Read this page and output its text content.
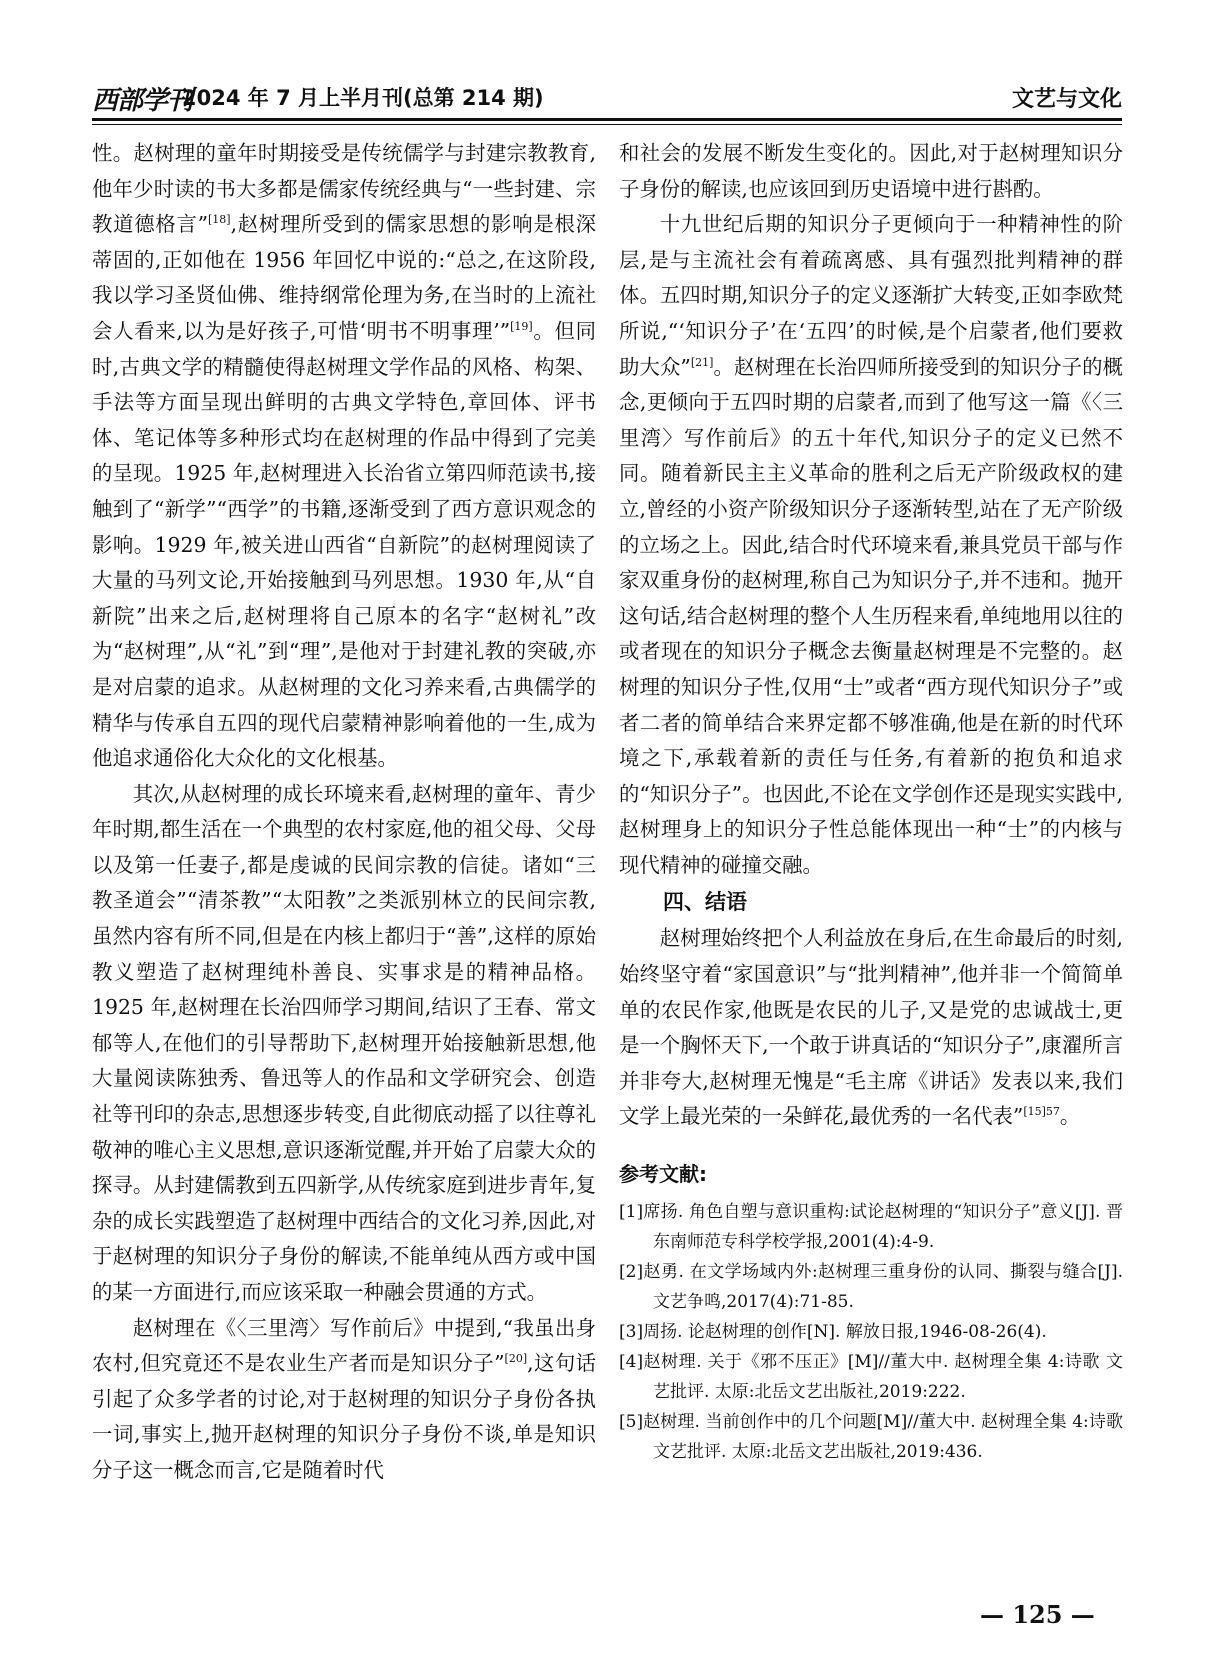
西部学刊
2024 年 7 月上半月刊(总第 214 期)	文艺与文化

性。赵树理的童年时期接受是传统儒学与封建宗教教育,他年少时读的书大多都是儒家传统经典与“一些封建、宗教道德格言”[18],赵树理所受到的儒家思想的影响是根深蒂固的,正如他在 1956 年回忆中说的:“总之,在这阶段,我以学习圣贤仙佛、维持纲常伦理为务,在当时的上流社会人看来,以为是好孩子,可惜‘明书不明事理’”[19]。但同时,古典文学的精髓使得赵树理文学作品的风格、构架、手法等方面呈现出鲜明的古典文学特色,章回体、评书体、笔记体等多种形式均在赵树理的作品中得到了完美的呈现。1925 年,赵树理进入长治省立第四师范读书,接触到了“新学”“西学”的书籍,逐渐受到了西方意识观念的影响。1929 年,被关进山西省“自新院”的赵树理阅读了大量的马列文论,开始接触到马列思想。1930 年,从“自新院”出来之后,赵树理将自己原本的名字“赵树礼”改为“赵树理”,从“礼”到“理”,是他对于封建礼教的突破,亦是对启蒙的追求。从赵树理的文化习养来看,古典儒学的精华与传承自五四的现代启蒙精神影响着他的一生,成为他追求通俗化大众化的文化根基。

其次,从赵树理的成长环境来看,赵树理的童年、青少年时期,都生活在一个典型的农村家庭,他的祖父母、父母以及第一任妻子,都是虔诚的民间宗教的信徒。诸如“三教圣道会”“清茶教”“太阳教”之类派别林立的民间宗教,虽然内容有所不同,但是在内核上都归于“善”,这样的原始教义塑造了赵树理纯朴善良、实事求是的精神品格。1925 年,赵树理在长治四师学习期间,结识了王春、常文郁等人,在他们的引导帮助下,赵树理开始接触新思想,他大量阅读陈独秀、鲁迅等人的作品和文学研究会、创造社等刊印的杂志,思想逐步转变,自此彻底动摇了以往尊礼敬神的唯心主义思想,意识逐渐觉醒,并开始了启蒙大众的探寻。从封建儒教到五四新学,从传统家庭到进步青年,复杂的成长实践塑造了赵树理中西结合的文化习养,因此,对于赵树理的知识分子身份的解读,不能单纯从西方或中国的某一方面进行,而应该采取一种融会贯通的方式。

赵树理在《〈三里湾〉写作前后》中提到,“我虽出身农村,但究竟还不是农业生产者而是知识分子”[20],这句话引起了众多学者的讨论,对于赵树理的知识分子身份各执一词,事实上,抛开赵树理的知识分子身份不谈,单是知识分子这一概念而言,它是随着时代

和社会的发展不断发生变化的。因此,对于赵树理知识分子身份的解读,也应该回到历史语境中进行斟酌。

十九世纪后期的知识分子更倾向于一种精神性的阶层,是与主流社会有着疏离感、具有强烈批判精神的群体。五四时期,知识分子的定义逐渐扩大转变,正如李欧梵所说,“‘知识分子’在‘五四’的时候,是个启蒙者,他们要救助大众”[21]。赵树理在长治四师所接受到的知识分子的概念,更倾向于五四时期的启蒙者,而到了他写这一篇《〈三里湾〉写作前后》的五十年代,知识分子的定义已然不同。随着新民主主义革命的胜利之后无产阶级政权的建立,曾经的小资产阶级知识分子逐渐转型,站在了无产阶级的立场之上。因此,结合时代环境来看,兼具党员干部与作家双重身份的赵树理,称自己为知识分子,并不违和。抛开这句话,结合赵树理的整个人生历程来看,单纯地用以往的或者现在的知识分子概念去衡量赵树理是不完整的。赵树理的知识分子性,仅用“士”或者“西方现代知识分子”或者二者的简单结合来界定都不够准确,他是在新的时代环境之下,承载着新的责任与任务,有着新的抱负和追求的“知识分子”。也因此,不论在文学创作还是现实实践中,赵树理身上的知识分子性总能体现出一种“士”的内核与现代精神的碰撞交融。

四、结语

赵树理始终把个人利益放在身后,在生命最后的时刻,始终坚守着“家国意识”与“批判精神”,他并非一个简简单单的农民作家,他既是农民的儿子,又是党的忠诚战士,更是一个胸怀天下,一个敢于讲真话的“知识分子”,康濯所言并非夸大,赵树理无愧是“毛主席《讲话》发表以来,我们文学上最光荣的一朵鲜花,最优秀的一名代表”$^{[15]57}$。

参考文献:

[1]席扬. 角色自塑与意识重构:试论赵树理的“知识分子”意义[J]. 晋东南师范专科学校学报,2001(4):4-9.

[2]赵勇. 在文学场域内外:赵树理三重身份的认同、撕裂与缝合[J]. 文艺争鸣,2017(4):71-85.

[3]周扬. 论赵树理的创作[N]. 解放日报,1946-08-26(4).

[4]赵树理. 关于《邪不压正》[M]//董大中. 赵树理全集 4:诗歌 文艺批评. 太原:北岳文艺出版社,2019:222.

[5]赵树理. 当前创作中的几个问题[M]//董大中. 赵树理全集 4:诗歌 文艺批评. 太原:北岳文艺出版社,2019:436.

— 125 —
